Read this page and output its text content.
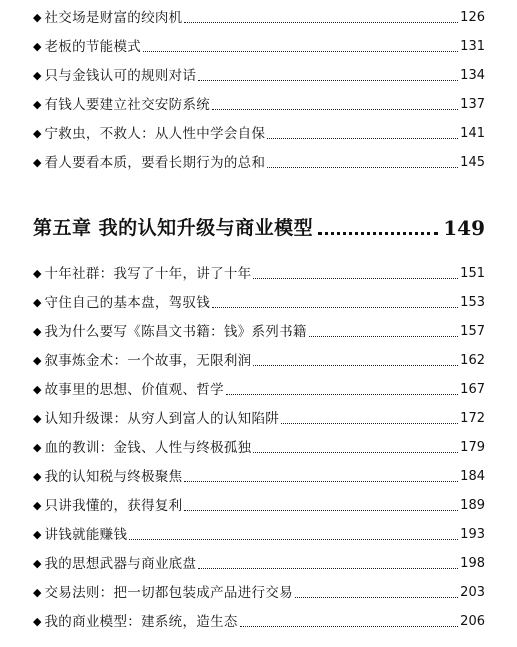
◆ 社交场是财富的绞肉机	126
◆ 老板的节能模式	131
◆ 只与金钱认可的规则对话	134
◆ 有钱人要建立社交安防系统	137
◆ 宁救虫，不救人：从人性中学会自保	141
◆ 看人要看本质，要看长期行为的总和	145
第五章 我的认知升级与商业模型	149
◆ 十年社群：我写了十年，讲了十年	151
◆ 守住自己的基本盘，驾驭钱	153
◆ 我为什么要写《陈昌文书籍：钱》系列书籍	157
◆ 叙事炼金术：一个故事，无限利润	162
◆ 故事里的思想、价值观、哲学	167
◆ 认知升级课：从穷人到富人的认知陷阱	172
◆ 血的教训：金钱、人性与终极孤独	179
◆ 我的认知税与终极聚焦	184
◆ 只讲我懂的，获得复利	189
◆ 讲钱就能赚钱	193
◆ 我的思想武器与商业底盘	198
◆ 交易法则：把一切都包装成产品进行交易	203
◆ 我的商业模型：建系统，造生态	206
